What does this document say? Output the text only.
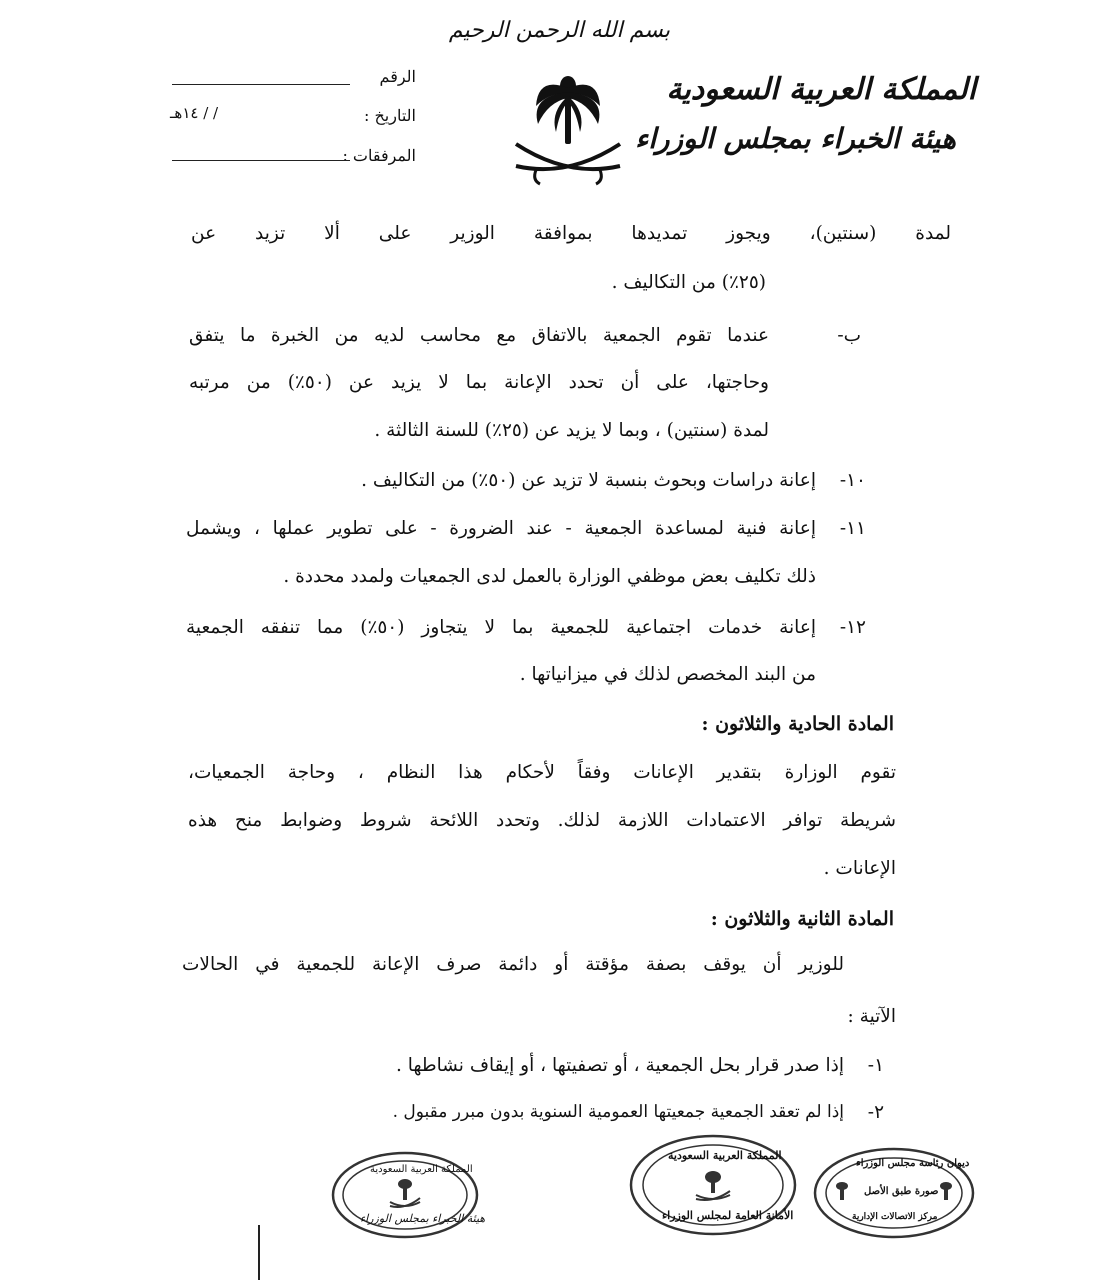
بسم الله الرحمن الرحيم
المملكة العربية السعودية
هيئة الخبراء بمجلس الوزراء
الرقم
التاريخ :
/ / ١٤هـ
المرفقات :
لمدة (سنتين)، ويجوز تمديدها بموافقة الوزير على ألا تزيد عن
(٢٥٪) من التكاليف .
ب-
عندما تقوم الجمعية بالاتفاق مع محاسب لديه من الخبرة ما يتفق
وحاجتها، على أن تحدد الإعانة بما لا يزيد عن (٥٠٪) من مرتبه
لمدة (سنتين) ، وبما لا يزيد عن (٢٥٪) للسنة الثالثة .
١٠-
إعانة دراسات وبحوث بنسبة لا تزيد عن (٥٠٪) من التكاليف .
١١-
إعانة فنية لمساعدة الجمعية - عند الضرورة - على تطوير عملها ، ويشمل
ذلك تكليف بعض موظفي الوزارة بالعمل لدى الجمعيات ولمدد محددة .
١٢-
إعانة خدمات اجتماعية للجمعية بما لا يتجاوز (٥٠٪) مما تنفقه الجمعية
من البند المخصص لذلك في ميزانياتها .
المادة الحادية والثلاثون :
تقوم الوزارة بتقدير الإعانات وفقاً لأحكام هذا النظام ، وحاجة الجمعيات،
شريطة توافر الاعتمادات اللازمة لذلك. وتحدد اللائحة شروط وضوابط منح هذه
الإعانات .
المادة الثانية والثلاثون :
للوزير أن يوقف بصفة مؤقتة أو دائمة صرف الإعانة للجمعية في الحالات
الآتية :
١-
إذا صدر قرار بحل الجمعية ، أو تصفيتها ، أو إيقاف نشاطها .
٢-
إذا لم تعقد الجمعية جمعيتها العمومية السنوية بدون مبرر مقبول .
المملكة العربية السعودية
هيئة الخبراء بمجلس الوزراء
المملكة العربية السعودية
الأمانة العامة لمجلس الوزراء
ديوان رئاسة مجلس الوزراء
صورة طبق الأصل
مركز الاتصالات الإدارية
